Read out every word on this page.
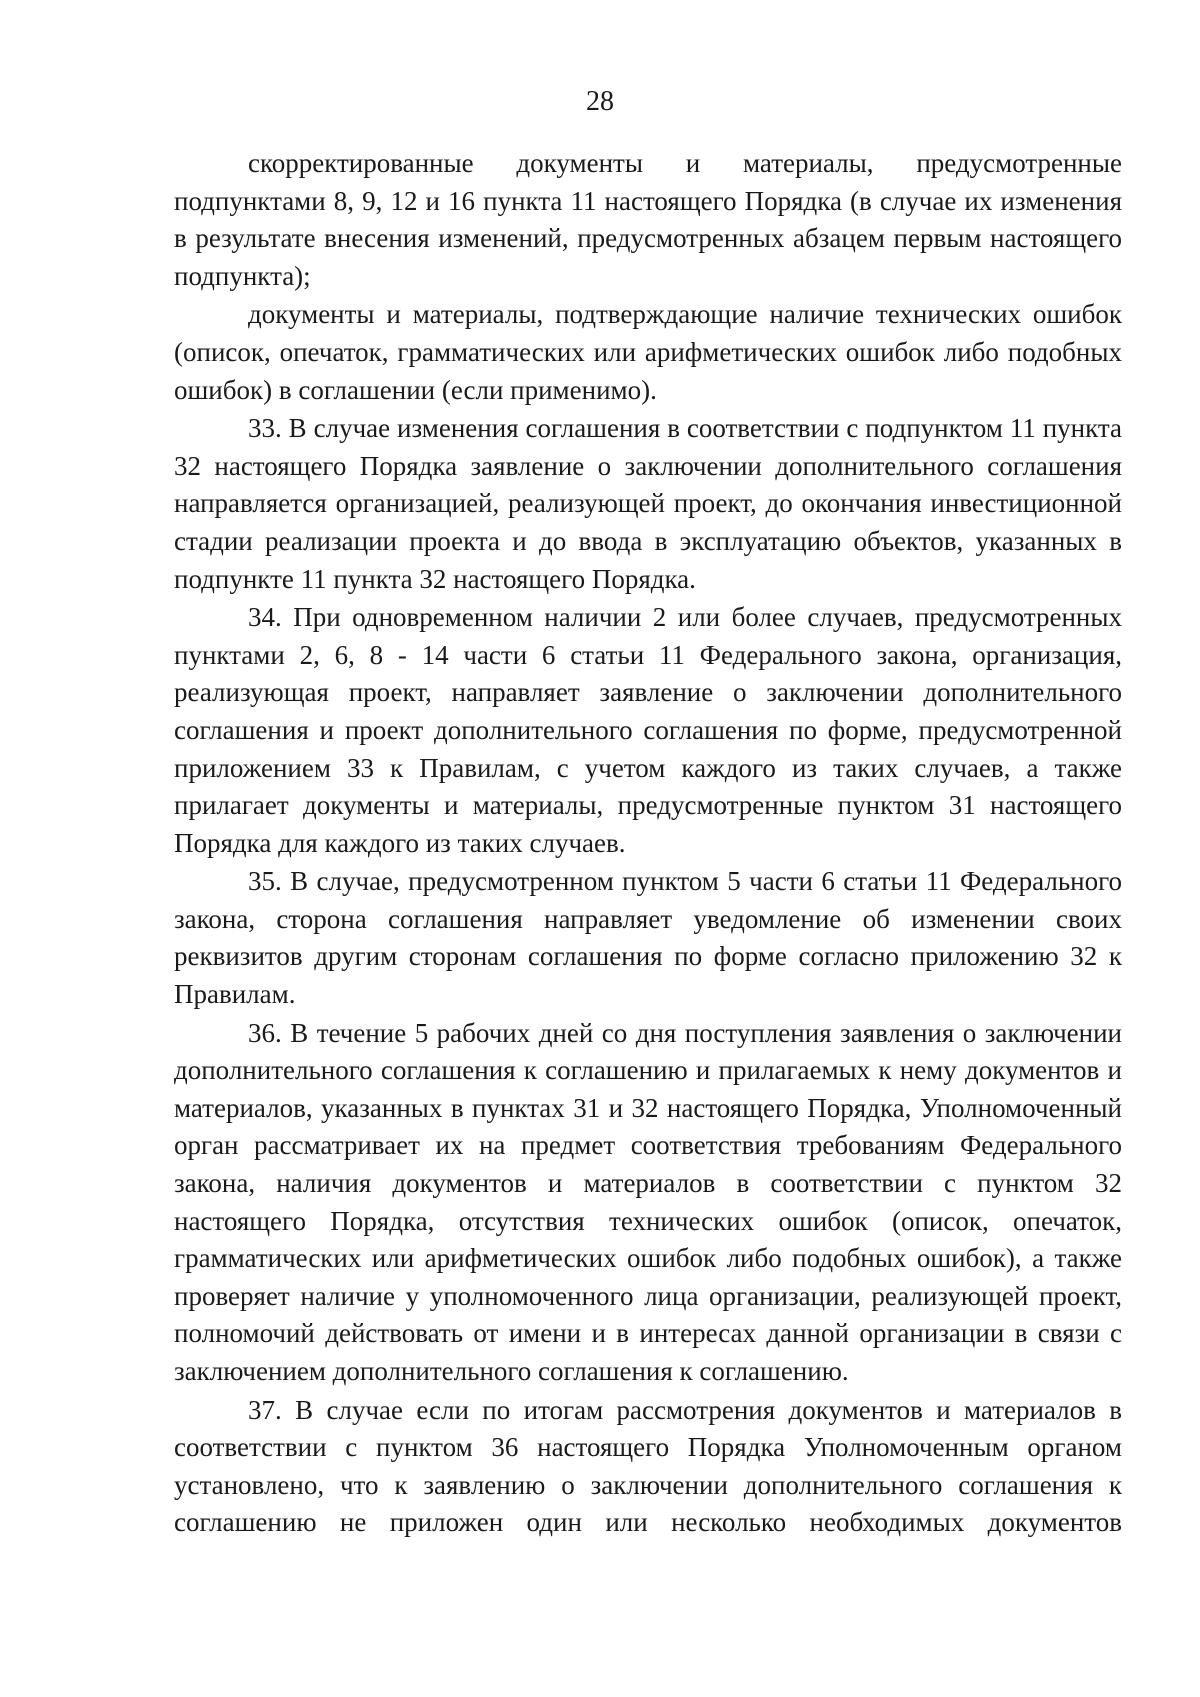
28

скорректированные документы и материалы, предусмотренные подпунктами 8, 9, 12 и 16 пункта 11 настоящего Порядка (в случае их изменения в результате внесения изменений, предусмотренных абзацем первым настоящего подпункта);

документы и материалы, подтверждающие наличие технических ошибок (описок, опечаток, грамматических или арифметических ошибок либо подобных ошибок) в соглашении (если применимо).

33. В случае изменения соглашения в соответствии с подпунктом 11 пункта 32 настоящего Порядка заявление о заключении дополнительного соглашения направляется организацией, реализующей проект, до окончания инвестиционной стадии реализации проекта и до ввода в эксплуатацию объектов, указанных в подпункте 11 пункта 32 настоящего Порядка.

34. При одновременном наличии 2 или более случаев, предусмотренных пунктами 2, 6, 8 - 14 части 6 статьи 11 Федерального закона, организация, реализующая проект, направляет заявление о заключении дополнительного соглашения и проект дополнительного соглашения по форме, предусмотренной приложением 33 к Правилам, с учетом каждого из таких случаев, а также прилагает документы и материалы, предусмотренные пунктом 31 настоящего Порядка для каждого из таких случаев.

35. В случае, предусмотренном пунктом 5 части 6 статьи 11 Федерального закона, сторона соглашения направляет уведомление об изменении своих реквизитов другим сторонам соглашения по форме согласно приложению 32 к Правилам.

36. В течение 5 рабочих дней со дня поступления заявления о заключении дополнительного соглашения к соглашению и прилагаемых к нему документов и материалов, указанных в пунктах 31 и 32 настоящего Порядка, Уполномоченный орган рассматривает их на предмет соответствия требованиям Федерального закона, наличия документов и материалов в соответствии с пунктом 32 настоящего Порядка, отсутствия технических ошибок (описок, опечаток, грамматических или арифметических ошибок либо подобных ошибок), а также проверяет наличие у уполномоченного лица организации, реализующей проект, полномочий действовать от имени и в интересах данной организации в связи с заключением дополнительного соглашения к соглашению.

37. В случае если по итогам рассмотрения документов и материалов в соответствии с пунктом 36 настоящего Порядка Уполномоченным органом установлено, что к заявлению о заключении дополнительного соглашения к соглашению не приложен один или несколько необходимых документов
